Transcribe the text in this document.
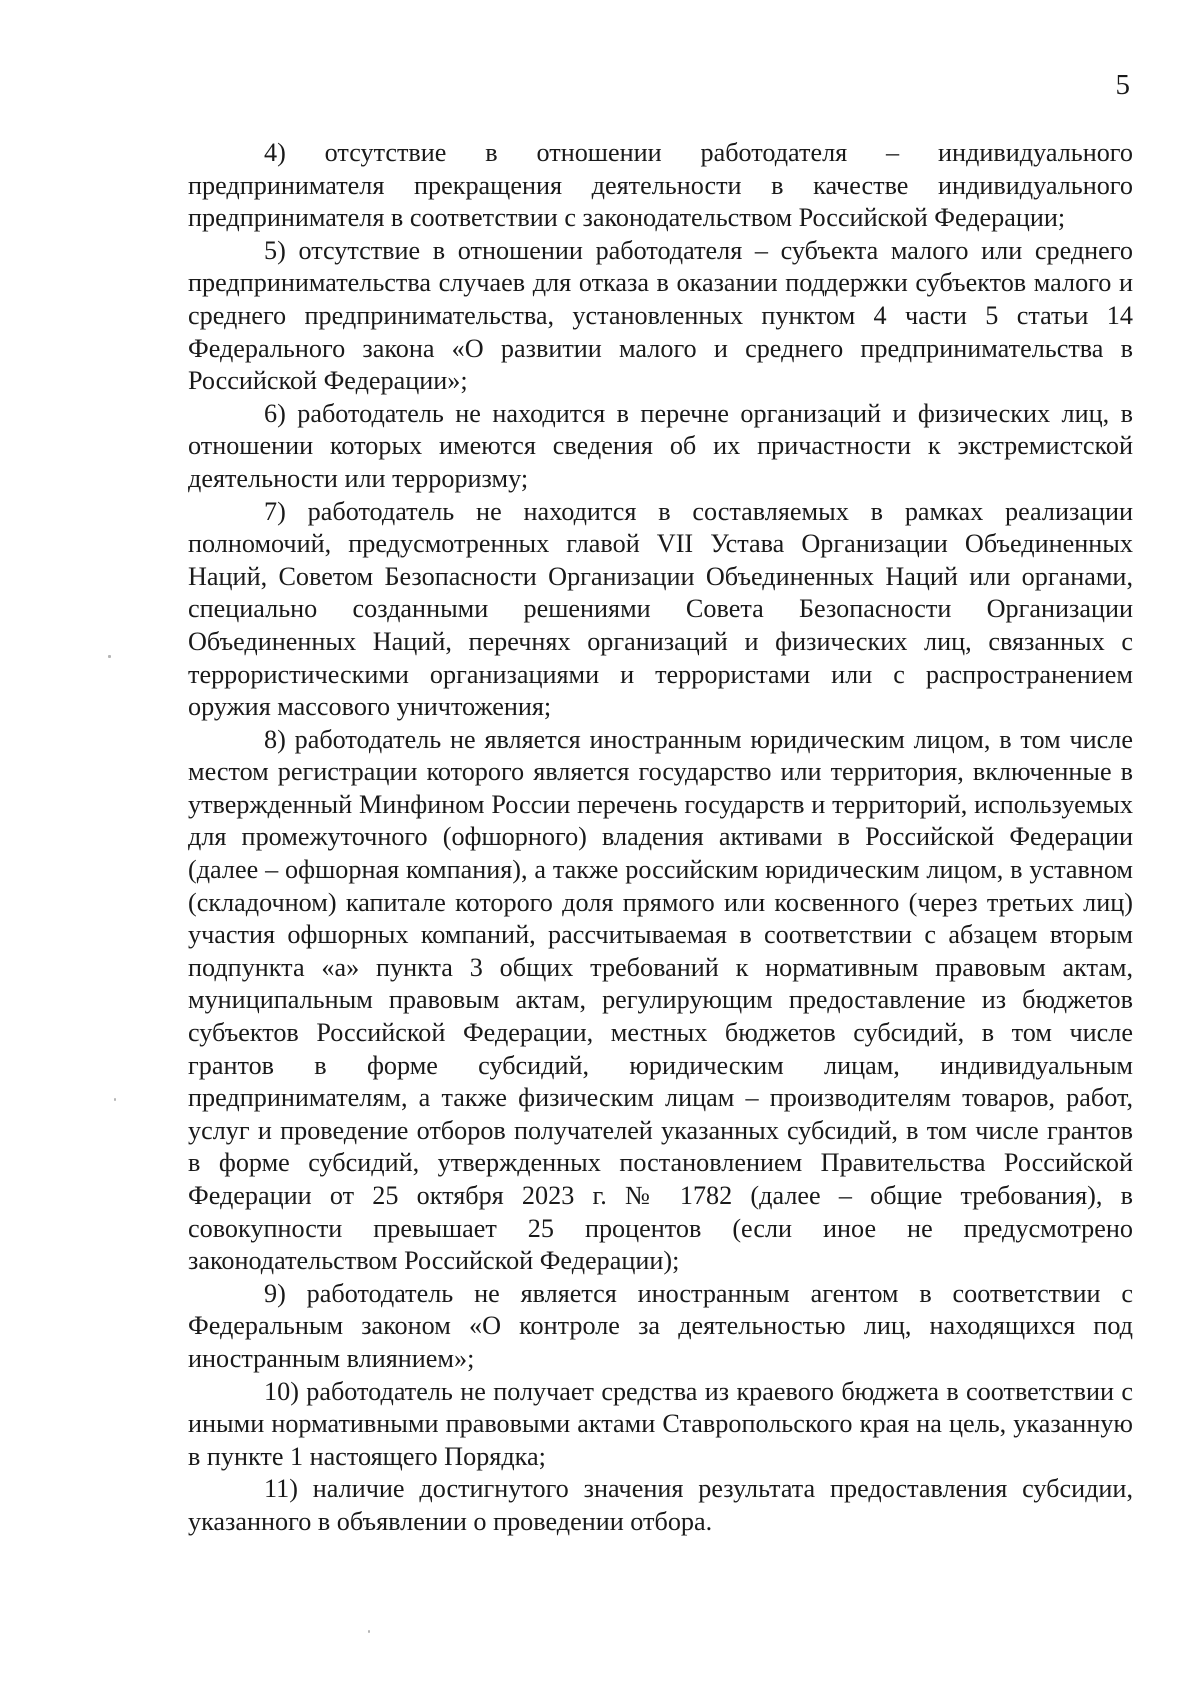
5

4) отсутствие в отношении работодателя – индивидуального предпринимателя прекращения деятельности в качестве индивидуального предпринимателя в соответствии с законодательством Российской Федерации;

5) отсутствие в отношении работодателя – субъекта малого или среднего предпринимательства случаев для отказа в оказании поддержки субъектов малого и среднего предпринимательства, установленных пунктом 4 части 5 статьи 14 Федерального закона «О развитии малого и среднего предпринимательства в Российской Федерации»;

6) работодатель не находится в перечне организаций и физических лиц, в отношении которых имеются сведения об их причастности к экстремистской деятельности или терроризму;

7) работодатель не находится в составляемых в рамках реализации полномочий, предусмотренных главой VII Устава Организации Объединенных Наций, Советом Безопасности Организации Объединенных Наций или органами, специально созданными решениями Совета Безопасности Организации Объединенных Наций, перечнях организаций и физических лиц, связанных с террористическими организациями и террористами или с распространением оружия массового уничтожения;

8) работодатель не является иностранным юридическим лицом, в том числе местом регистрации которого является государство или территория, включенные в утвержденный Минфином России перечень государств и территорий, используемых для промежуточного (офшорного) владения активами в Российской Федерации (далее – офшорная компания), а также российским юридическим лицом, в уставном (складочном) капитале которого доля прямого или косвенного (через третьих лиц) участия офшорных компаний, рассчитываемая в соответствии с абзацем вторым подпункта «а» пункта 3 общих требований к нормативным правовым актам, муниципальным правовым актам, регулирующим предоставление из бюджетов субъектов Российской Федерации, местных бюджетов субсидий, в том числе грантов в форме субсидий, юридическим лицам, индивидуальным предпринимателям, а также физическим лицам – производителям товаров, работ, услуг и проведение отборов получателей указанных субсидий, в том числе грантов в форме субсидий, утвержденных постановлением Правительства Российской Федерации от 25 октября 2023 г. № 1782 (далее – общие требования), в совокупности превышает 25 процентов (если иное не предусмотрено законодательством Российской Федерации);

9) работодатель не является иностранным агентом в соответствии с Федеральным законом «О контроле за деятельностью лиц, находящихся под иностранным влиянием»;

10) работодатель не получает средства из краевого бюджета в соответствии с иными нормативными правовыми актами Ставропольского края на цель, указанную в пункте 1 настоящего Порядка;

11) наличие достигнутого значения результата предоставления субсидии, указанного в объявлении о проведении отбора.
